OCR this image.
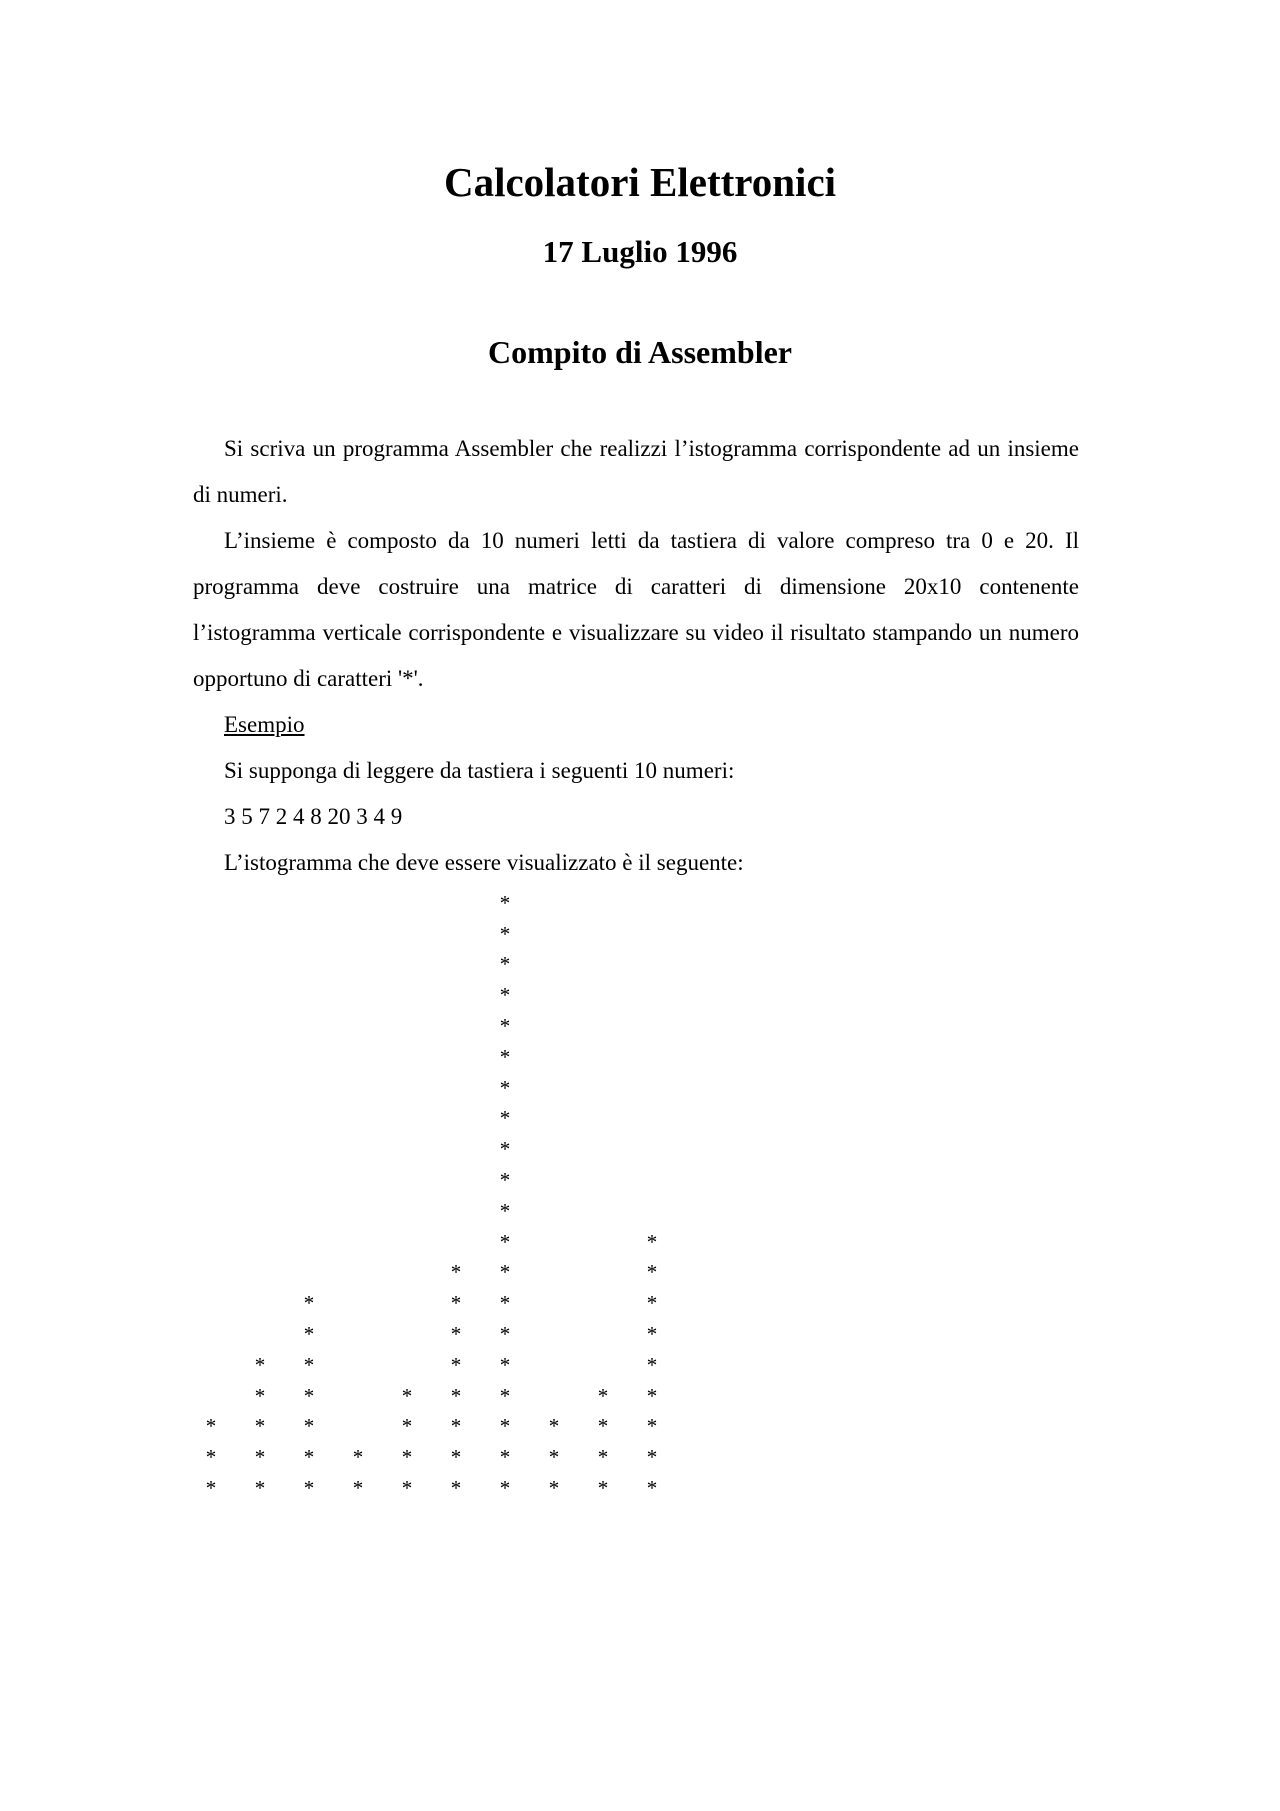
Calcolatori Elettronici
17 Luglio 1996
Compito di Assembler

Si scriva un programma Assembler che realizzi l’istogramma corrispondente ad un insieme di numeri.

L’insieme è composto da 10 numeri letti da tastiera di valore compreso tra 0 e 20. Il programma deve costruire una matrice di caratteri di dimensione 20x10 contenente l’istogramma verticale corrispondente e visualizzare su video il risultato stampando un numero opportuno di caratteri '*'.

Esempio

Si supponga di leggere da tastiera i seguenti 10 numeri:

3 5 7 2 4 8 20 3 4 9

L’istogramma che deve essere visualizzato è il seguente:

*
*
*
*
*
*
*
*
*
*
*
*
*
*
*
*
*
*
*
*
*
*
*
*
*
*
*
*
*
*
*
*
*
*
*
*
*
*
*
*
*
*
*
*
*
*
*
*
*
*
*
*
*
*
*
*
*
*
*
*
*
*
*
*
*
